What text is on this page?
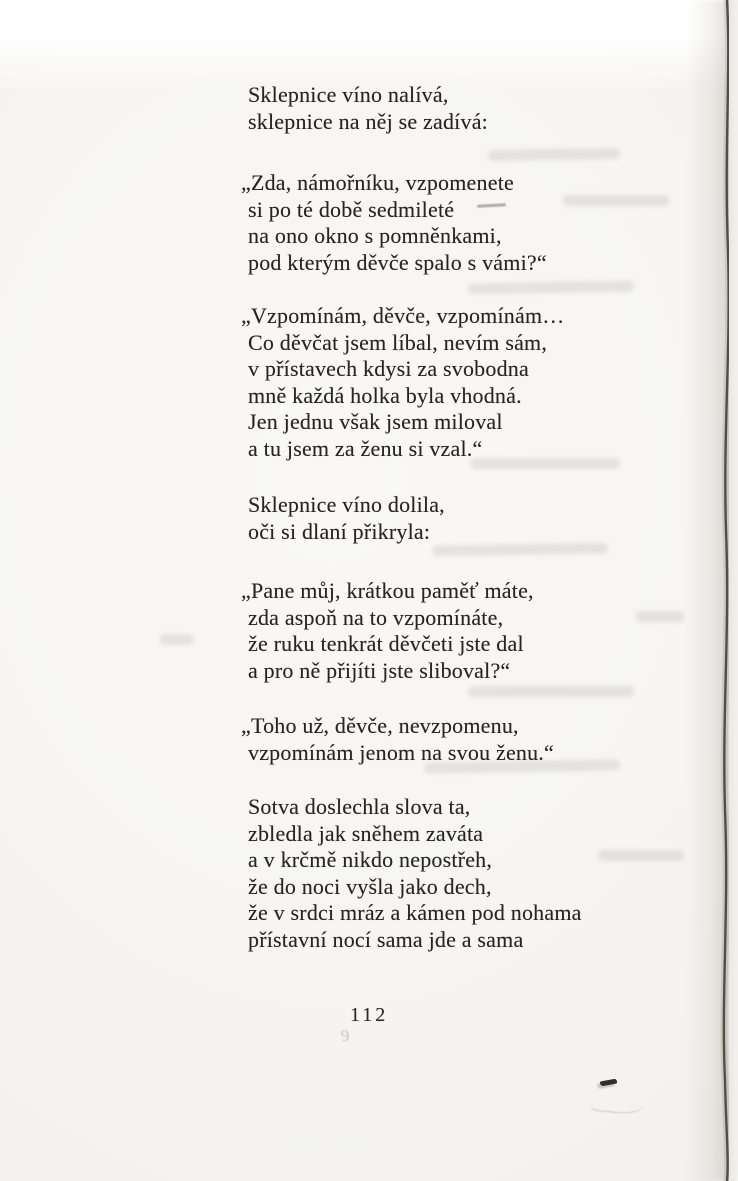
Sklepnice víno nalívá,
sklepnice na něj se zadívá:
„Zda, námořníku, vzpomenete
si po té době sedmileté
na ono okno s pomněnkami,
pod kterým děvče spalo s vámi?“
„Vzpomínám, děvče, vzpomínám…
Co děvčat jsem líbal, nevím sám,
v přístavech kdysi za svobodna
mně každá holka byla vhodná.
Jen jednu však jsem miloval
a tu jsem za ženu si vzal.“
Sklepnice víno dolila,
oči si dlaní přikryla:
„Pane můj, krátkou paměť máte,
zda aspoň na to vzpomínáte,
že ruku tenkrát děvčeti jste dal
a pro ně přijíti jste sliboval?“
„Toho už, děvče, nevzpomenu,
vzpomínám jenom na svou ženu.“
Sotva doslechla slova ta,
zbledla jak sněhem zaváta
a v krčmě nikdo nepostřeh,
že do noci vyšla jako dech,
že v srdci mráz a kámen pod nohama
přístavní nocí sama jde a sama
112
9
